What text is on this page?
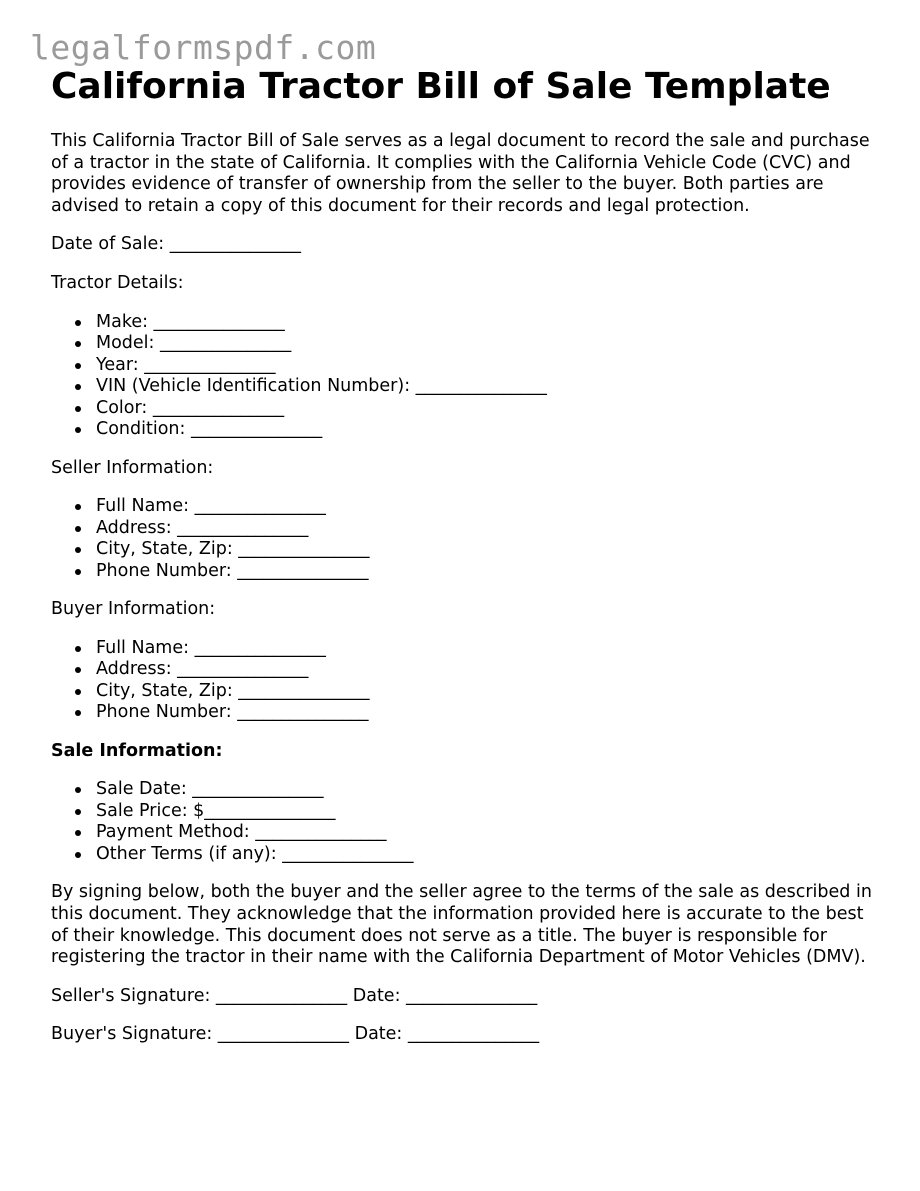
legalformspdf.com
California Tractor Bill of Sale Template

This California Tractor Bill of Sale serves as a legal document to record the sale and purchase of a tractor in the state of California. It complies with the California Vehicle Code (CVC) and provides evidence of transfer of ownership from the seller to the buyer. Both parties are advised to retain a copy of this document for their records and legal protection.

Date of Sale: _______________

Tractor Details:

Make: _______________
Model: _______________
Year: _______________
VIN (Vehicle Identification Number): _______________
Color: _______________
Condition: _______________

Seller Information:

Full Name: _______________
Address: _______________
City, State, Zip: _______________
Phone Number: _______________

Buyer Information:

Full Name: _______________
Address: _______________
City, State, Zip: _______________
Phone Number: _______________

Sale Information:

Sale Date: _______________
Sale Price: $_______________
Payment Method: _______________
Other Terms (if any): _______________

By signing below, both the buyer and the seller agree to the terms of the sale as described in this document. They acknowledge that the information provided here is accurate to the best of their knowledge. This document does not serve as a title. The buyer is responsible for registering the tractor in their name with the California Department of Motor Vehicles (DMV).

Seller's Signature: _______________ Date: _______________

Buyer's Signature: _______________ Date: _______________
